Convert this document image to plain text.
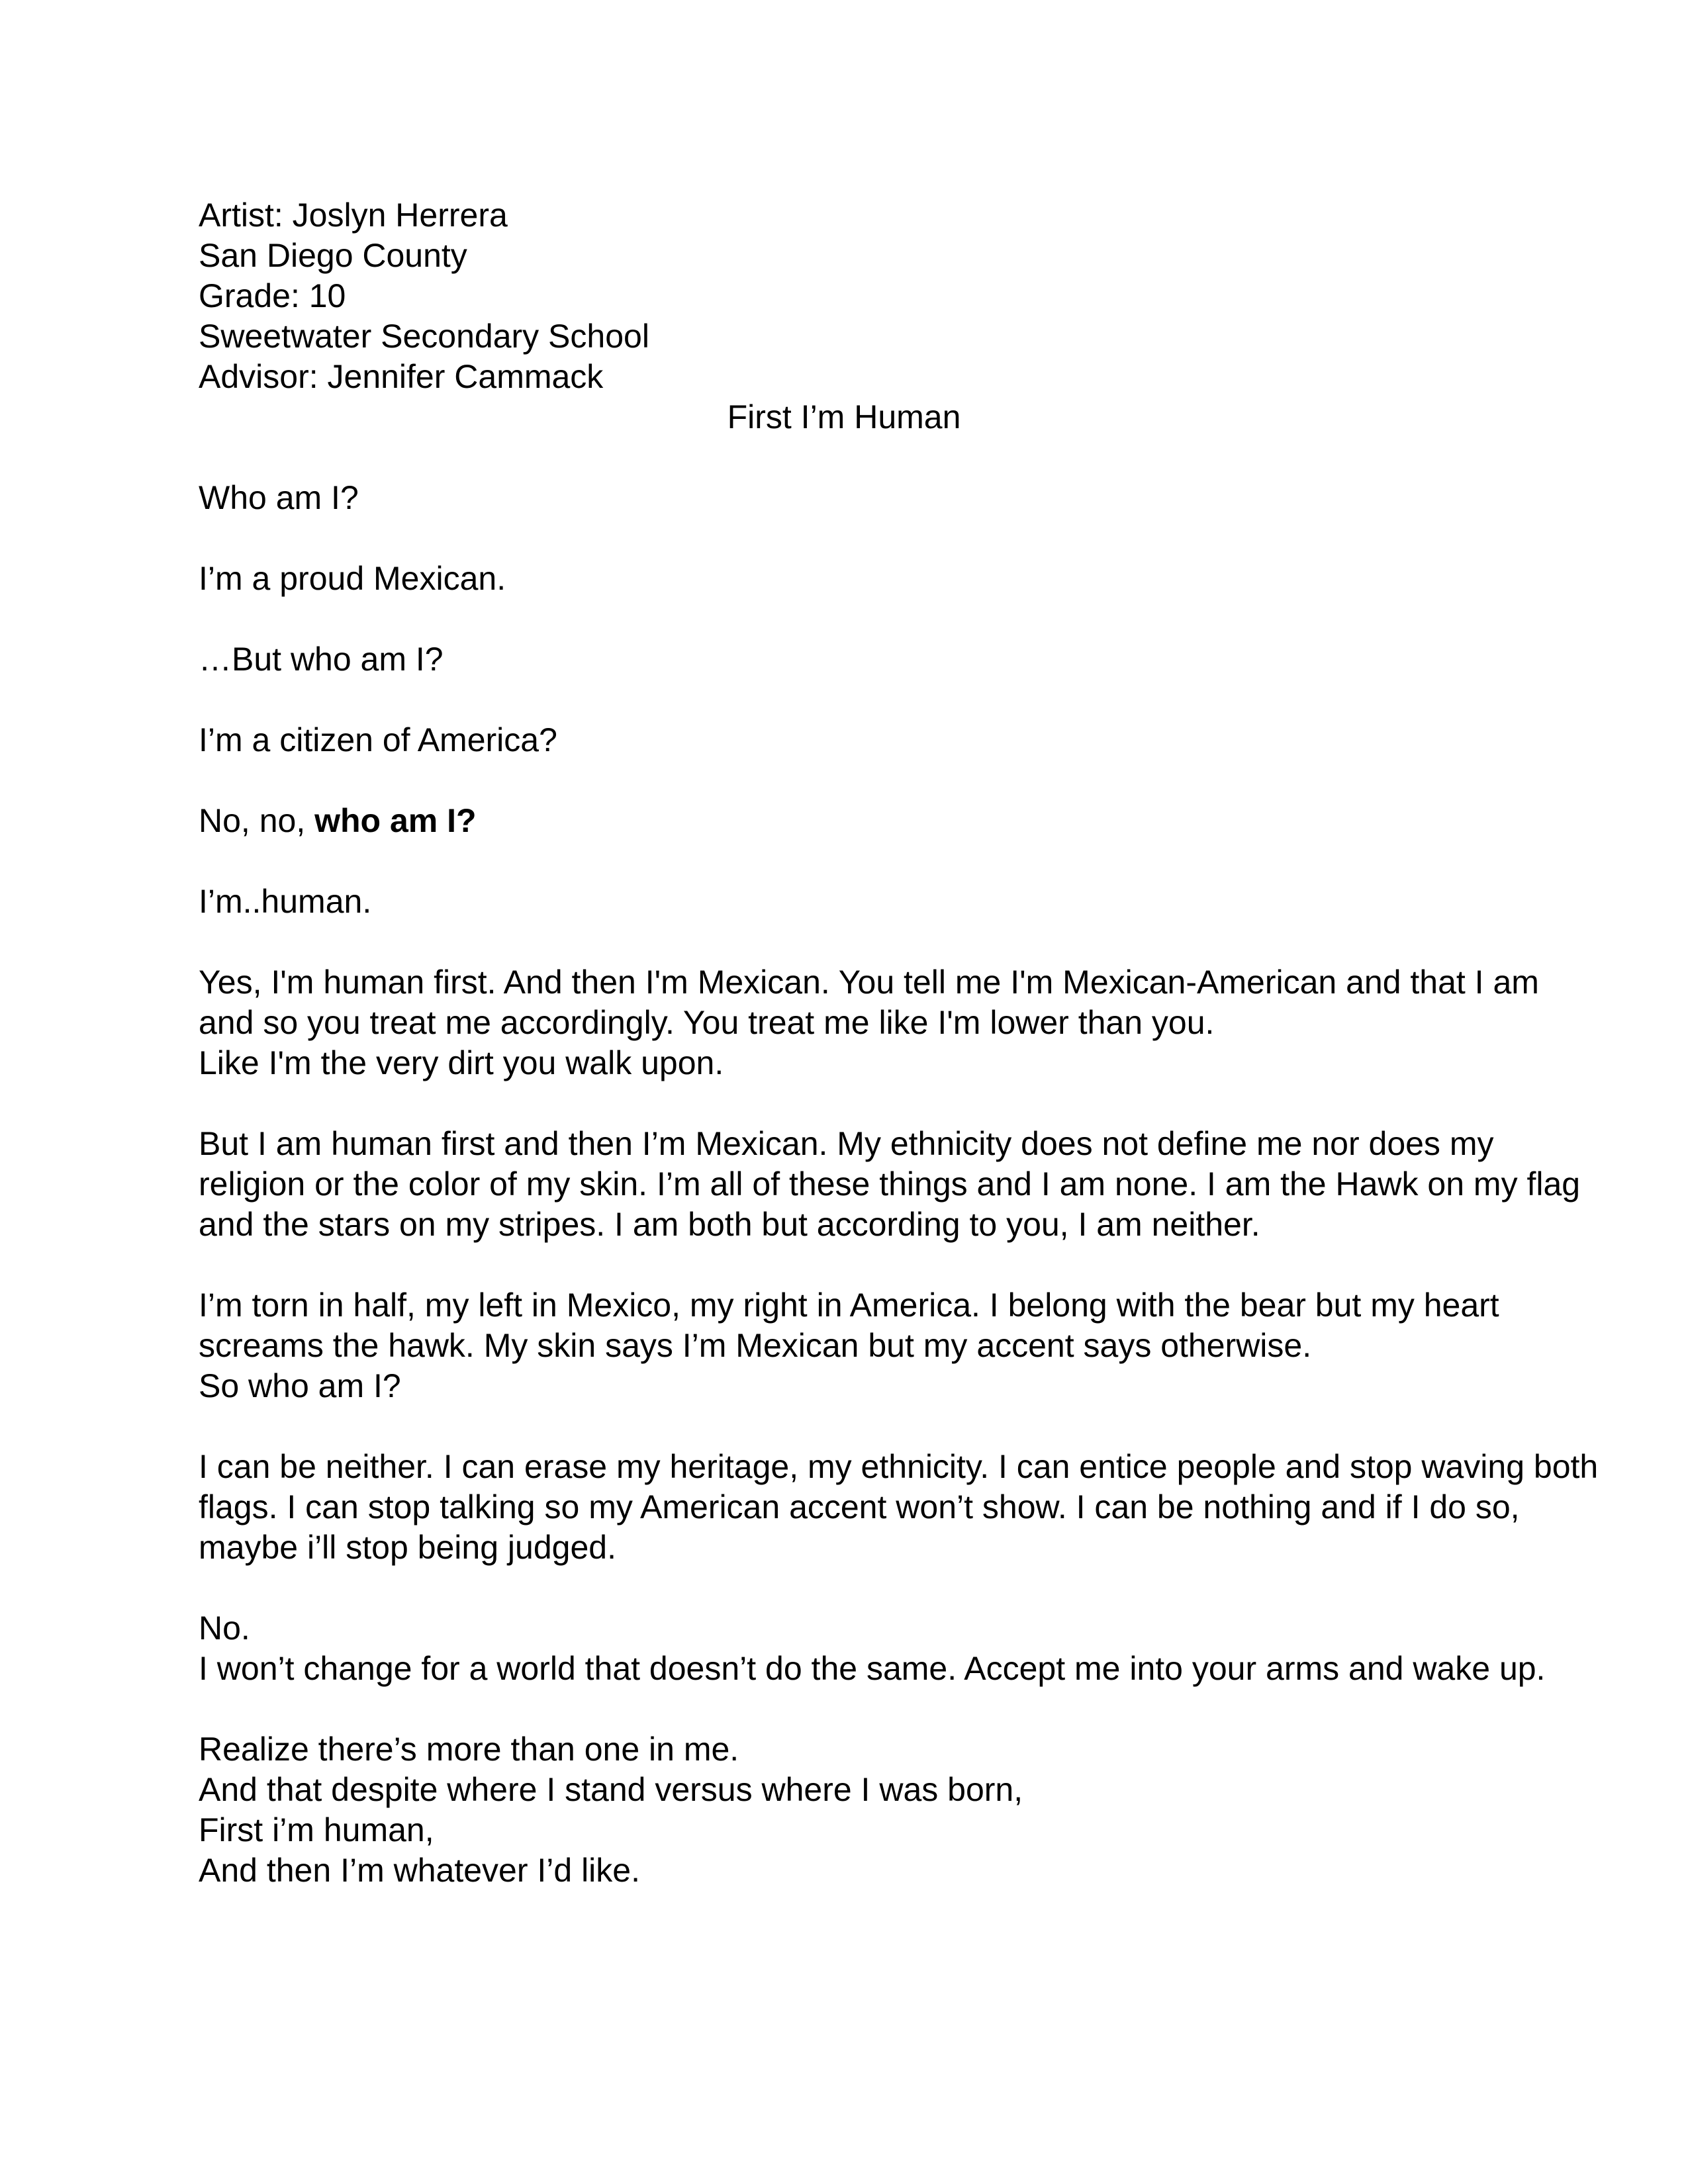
Artist: Joslyn Herrera
San Diego County
Grade: 10
Sweetwater Secondary School
Advisor: Jennifer Cammack
First I’m Human
Who am I?
I’m a proud Mexican.
…But who am I?
I’m a citizen of America?
No, no, who am I?
I’m..human.
Yes, I'm human first. And then I'm Mexican. You tell me I'm Mexican-American and that I am
and so you treat me accordingly. You treat me like I'm lower than you.
Like I'm the very dirt you walk upon.
But I am human first and then I’m Mexican. My ethnicity does not define me nor does my
religion or the color of my skin. I’m all of these things and I am none. I am the Hawk on my flag
and the stars on my stripes. I am both but according to you, I am neither.
I’m torn in half, my left in Mexico, my right in America. I belong with the bear but my heart
screams the hawk. My skin says I’m Mexican but my accent says otherwise.
So who am I?
I can be neither. I can erase my heritage, my ethnicity. I can entice people and stop waving both
flags. I can stop talking so my American accent won’t show. I can be nothing and if I do so,
maybe i’ll stop being judged.
No.
I won’t change for a world that doesn’t do the same. Accept me into your arms and wake up.
Realize there’s more than one in me.
And that despite where I stand versus where I was born,
First i’m human,
And then I’m whatever I’d like.
